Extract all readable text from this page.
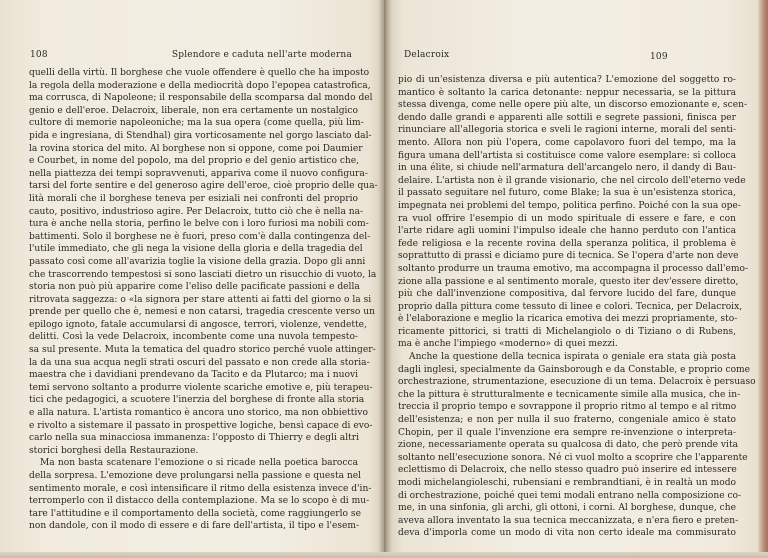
108	Splendore e caduta nell'arte moderna
quelli della virtù. Il borghese che vuole offendere è quello che ha imposto
la regola della moderazione e della mediocrità dopo l'epopea catastrofica,
ma corrusca, di Napoleone; il responsabile della scomparsa dal mondo del
genio e dell'eroe. Delacroix, liberale, non era certamente un nostalgico
cultore di memorie napoleoniche; ma la sua opera (come quella, più lim-
pida e ingresiana, di Stendhal) gira vorticosamente nel gorgo lasciato dal-
la rovina storica del mito. Al borghese non si oppone, come poi Daumier
e Courbet, in nome del popolo, ma del proprio e del genio artistico che,
nella piattezza dei tempi sopravvenuti, appariva come il nuovo configura-
tarsi del forte sentire e del generoso agire dell'eroe, cioè proprio delle qua-
lità morali che il borghese teneva per esiziali nei confronti del proprio
cauto, positivo, industrioso agire. Per Delacroix, tutto ciò che è nella na-
tura è anche nella storia, perfino le belve con i loro furiosi ma nobili com-
battimenti. Solo il borghese ne è fuori, preso com'è dalla contingenza del-
l'utile immediato, che gli nega la visione della gloria e della tragedia del
passato così come all'avarizia toglie la visione della grazia. Dopo gli anni
che trascorrendo tempestosi si sono lasciati dietro un risucchio di vuoto, la
storia non può più apparire come l'eliso delle pacificate passioni e della
ritrovata saggezza: o «la signora per stare attenti ai fatti del giorno o la si
prende per quello che è, nemesi e non catarsi, tragedia crescente verso un
epilogo ignoto, fatale accumularsi di angosce, terrori, violenze, vendette,
delitti. Così la vede Delacroix, incombente come una nuvola tempesto-
sa sul presente. Muta la tematica del quadro storico perché vuole attinger-
la da una sua acqua negli strati oscuri del passato e non crede alla storia-
maestra che i davidiani prendevano da Tacito e da Plutarco; ma i nuovi
temi servono soltanto a produrre violente scariche emotive e, più terapeu-
tici che pedagogici, a scuotere l'inerzia del borghese di fronte alla storia
e alla natura. L'artista romantico è ancora uno storico, ma non obbiettivo
e rivolto a sistemare il passato in prospettive logiche, bensì capace di evo-
carlo nella sua minacciosa immanenza: l'opposto di Thierry e degli altri
storici borghesi della Restaurazione.
Ma non basta scatenare l'emozione o si ricade nella poetica barocca
della sorpresa. L'emozione deve prolungarsi nella passione e questa nel
sentimento morale, e così intensificare il ritmo della esistenza invece d'in-
terromperlo con il distacco della contemplazione. Ma se lo scopo è di mu-
tare l'attitudine e il comportamento della società, come raggiungerlo se
non dandole, con il modo di essere e di fare dell'artista, il tipo e l'esem-
Delacroix	109
pio di un'esistenza diversa e più autentica? L'emozione del soggetto ro-
mantico è soltanto la carica detonante: neppur necessaria, se la pittura
stessa divenga, come nelle opere più alte, un discorso emozionante e, scen-
dendo dalle grandi e apparenti alle sottili e segrete passioni, finisca per
rinunciare all'allegoria storica e sveli le ragioni interne, morali del senti-
mento. Allora non più l'opera, come capolavoro fuori del tempo, ma la
figura umana dell'artista si costituisce come valore esemplare: si colloca
in una élite, si chiude nell'armatura dell'arcangelo nero, il dandy di Bau-
delaire. L'artista non è il grande visionario, che nel circolo dell'eterno vede
il passato seguitare nel futuro, come Blake; la sua è un'esistenza storica,
impegnata nei problemi del tempo, politica perfino. Poiché con la sua ope-
ra vuol offrire l'esempio di un modo spirituale di essere e fare, e con
l'arte ridare agli uomini l'impulso ideale che hanno perduto con l'antica
fede religiosa e la recente rovina della speranza politica, il problema è
soprattutto di prassi e diciamo pure di tecnica. Se l'opera d'arte non deve
soltanto produrre un trauma emotivo, ma accompagna il processo dall'emo-
zione alla passione e al sentimento morale, questo iter dev'essere diretto,
più che dall'invenzione compositiva, dal fervore lucido del fare, dunque
proprio dalla pittura come tessuto di linee e colori. Tecnica, per Delacroix,
è l'elaborazione e meglio la ricarica emotiva dei mezzi propriamente, sto-
ricamente pittorici, si tratti di Michelangiolo o di Tiziano o di Rubens,
ma è anche l'impiego «moderno» di quei mezzi.
Anche la questione della tecnica ispirata o geniale era stata già posta
dagli inglesi, specialmente da Gainsborough e da Constable, e proprio come
orchestrazione, strumentazione, esecuzione di un tema. Delacroix è persuaso
che la pittura è strutturalmente e tecnicamente simile alla musica, che in-
treccia il proprio tempo e sovrappone il proprio ritmo al tempo e al ritmo
dell'esistenza; e non per nulla il suo fraterno, congeniale amico è stato
Chopin, per il quale l'invenzione era sempre re-invenzione o interpreta-
zione, necessariamente operata su qualcosa di dato, che però prende vita
soltanto nell'esecuzione sonora. Né ci vuol molto a scoprire che l'apparente
eclettismo di Delacroix, che nello stesso quadro può inserire ed intessere
modi michelangioleschi, rubensiani e rembrandtiani, è in realtà un modo
di orchestrazione, poiché quei temi modali entrano nella composizione co-
me, in una sinfonia, gli archi, gli ottoni, i corni. Al borghese, dunque, che
aveva allora inventato la sua tecnica meccanizzata, e n'era fiero e preten-
deva d'imporla come un modo di vita non certo ideale ma commisurato
